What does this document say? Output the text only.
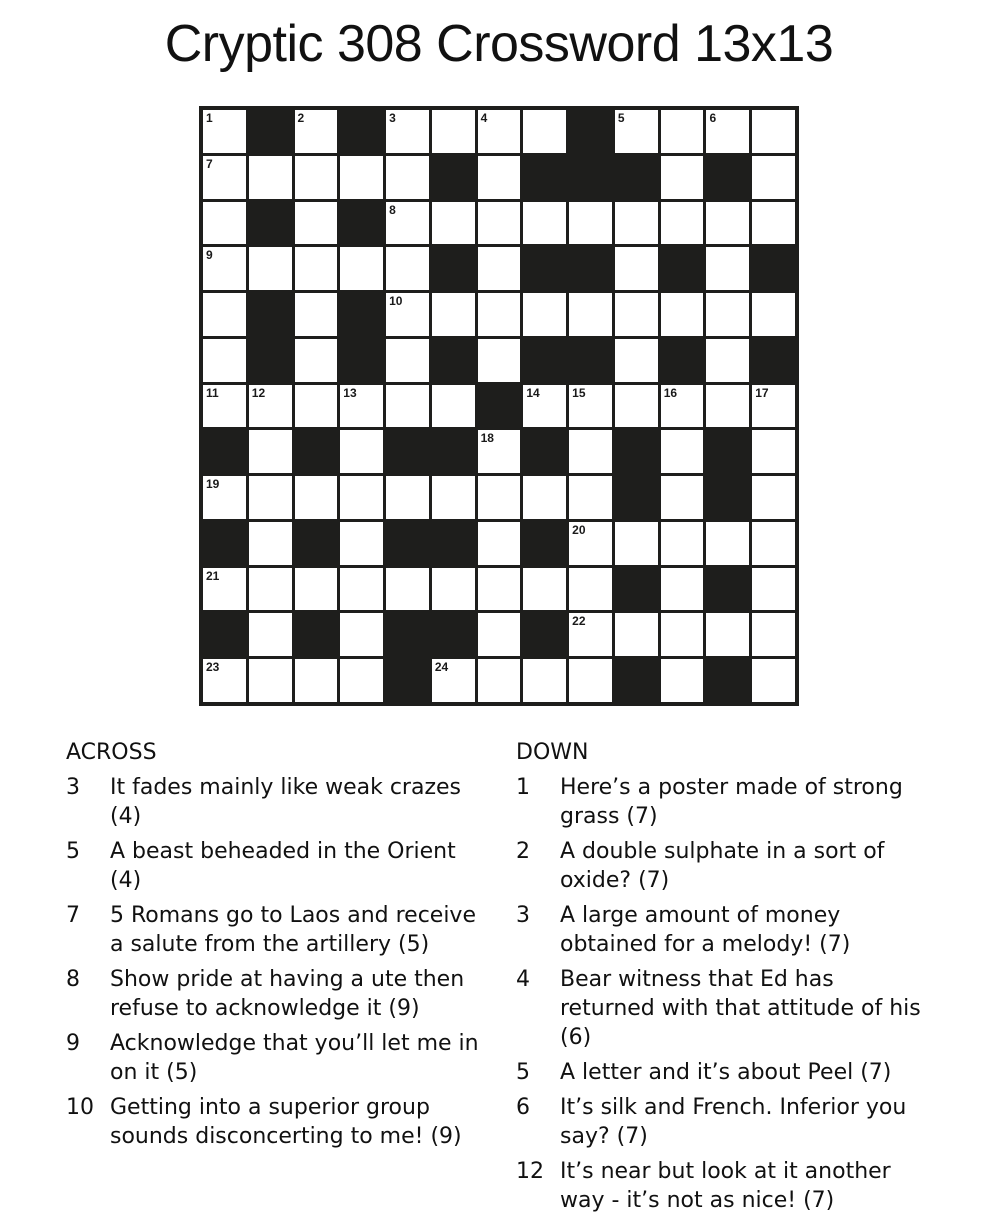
Cryptic 308 Crossword 13x13
1	2	3	4	5	6
7
8
9
10
11	12	13	14	15	16	17
18
19
20
21
22
23	24
ACROSS
3	It fades mainly like weak crazes (4)
5	A beast beheaded in the Orient (4)
7	5 Romans go to Laos and receive a salute from the artillery (5)
8	Show pride at having a ute then refuse to acknowledge it (9)
9	Acknowledge that you’ll let me in on it (5)
10 Getting into a superior group sounds disconcerting to me! (9)
DOWN
1	Here’s a poster made of strong grass (7)
2	A double sulphate in a sort of oxide? (7)
3	A large amount of money obtained for a melody! (7)
4	Bear witness that Ed has returned with that attitude of his (6)
5	A letter and it’s about Peel (7)
6	It’s silk and French. Inferior you say? (7)
12 It’s near but look at it another way - it’s not as nice! (7)
